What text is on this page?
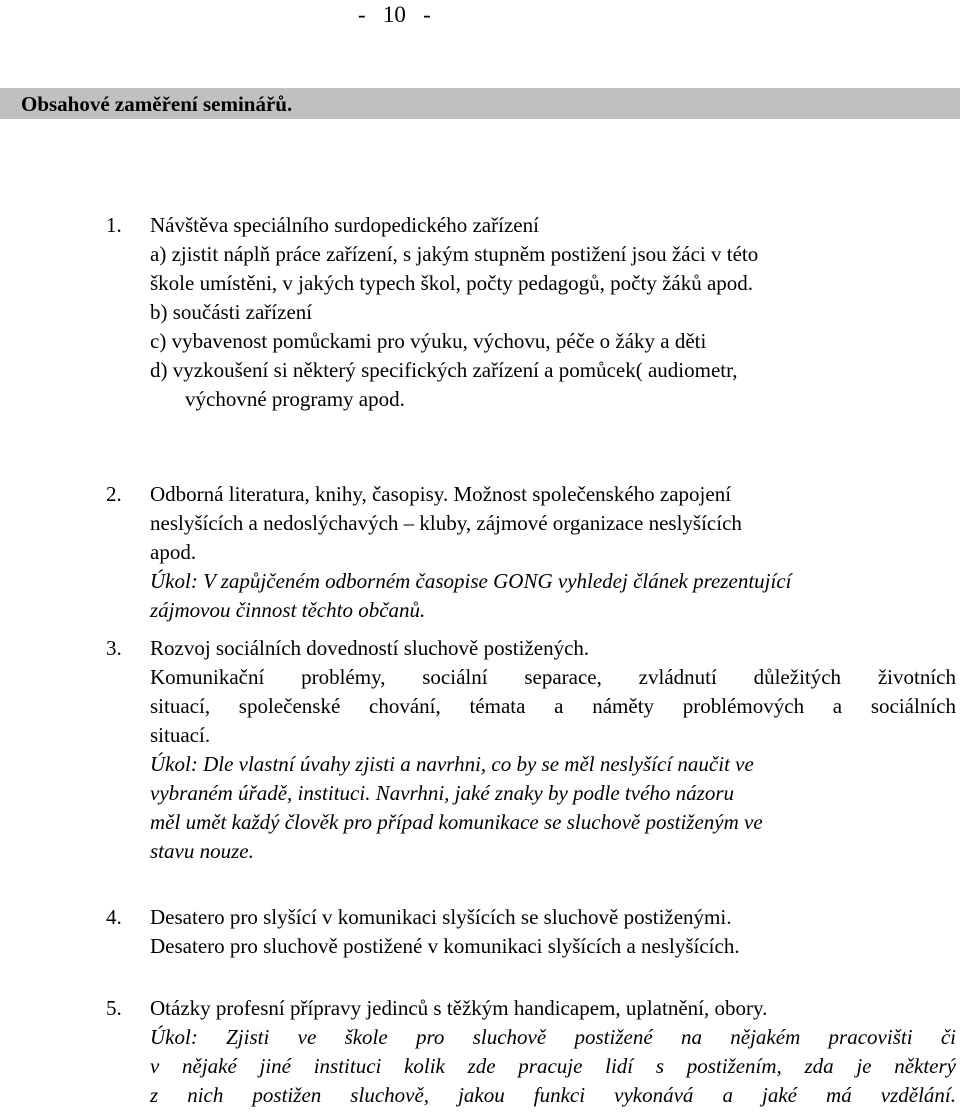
-   10   -
Obsahové zaměření seminářů.
1. Návštěva speciálního surdopedického zařízení

a) zjistit náplň práce zařízení, s jakým stupněm postižení jsou žáci v této

škole umístěni, v jakých typech škol, počty pedagogů, počty žáků apod.

b) součásti zařízení

c) vybavenost pomůckami pro výuku, výchovu, péče o žáky a děti

d) vyzkoušení si některý specifických zařízení a pomůcek( audiometr,

výchovné programy apod.

2. Odborná literatura, knihy, časopisy. Možnost společenského zapojení

neslyšících a nedoslýchavých – kluby, zájmové organizace neslyšících

apod.

Úkol: V zapůjčeném odborném časopise GONG vyhledej článek prezentující

zájmovou činnost těchto občanů.

3. Rozvoj sociálních dovedností sluchově postižených.

Komunikační problémy, sociální separace, zvládnutí důležitých životních

situací, společenské chování, témata a náměty problémových a sociálních

situací.

Úkol: Dle vlastní úvahy zjisti a navrhni, co by se měl neslyšící naučit ve

vybraném úřadě, instituci. Navrhni, jaké znaky by podle tvého názoru

měl umět každý člověk pro případ komunikace se sluchově postiženým ve

stavu nouze.

4. Desatero pro slyšící v komunikaci slyšících se sluchově postiženými.

Desatero pro sluchově postižené v komunikaci slyšících a neslyšících.

5. Otázky profesní přípravy jedinců s těžkým handicapem, uplatnění, obory.

Úkol: Zjisti ve škole pro sluchově postižené na nějakém pracovišti či

v nějaké jiné instituci kolik zde pracuje lidí s postižením, zda je některý

z nich postižen sluchově, jakou funkci vykonává a jaké má vzdělání.
